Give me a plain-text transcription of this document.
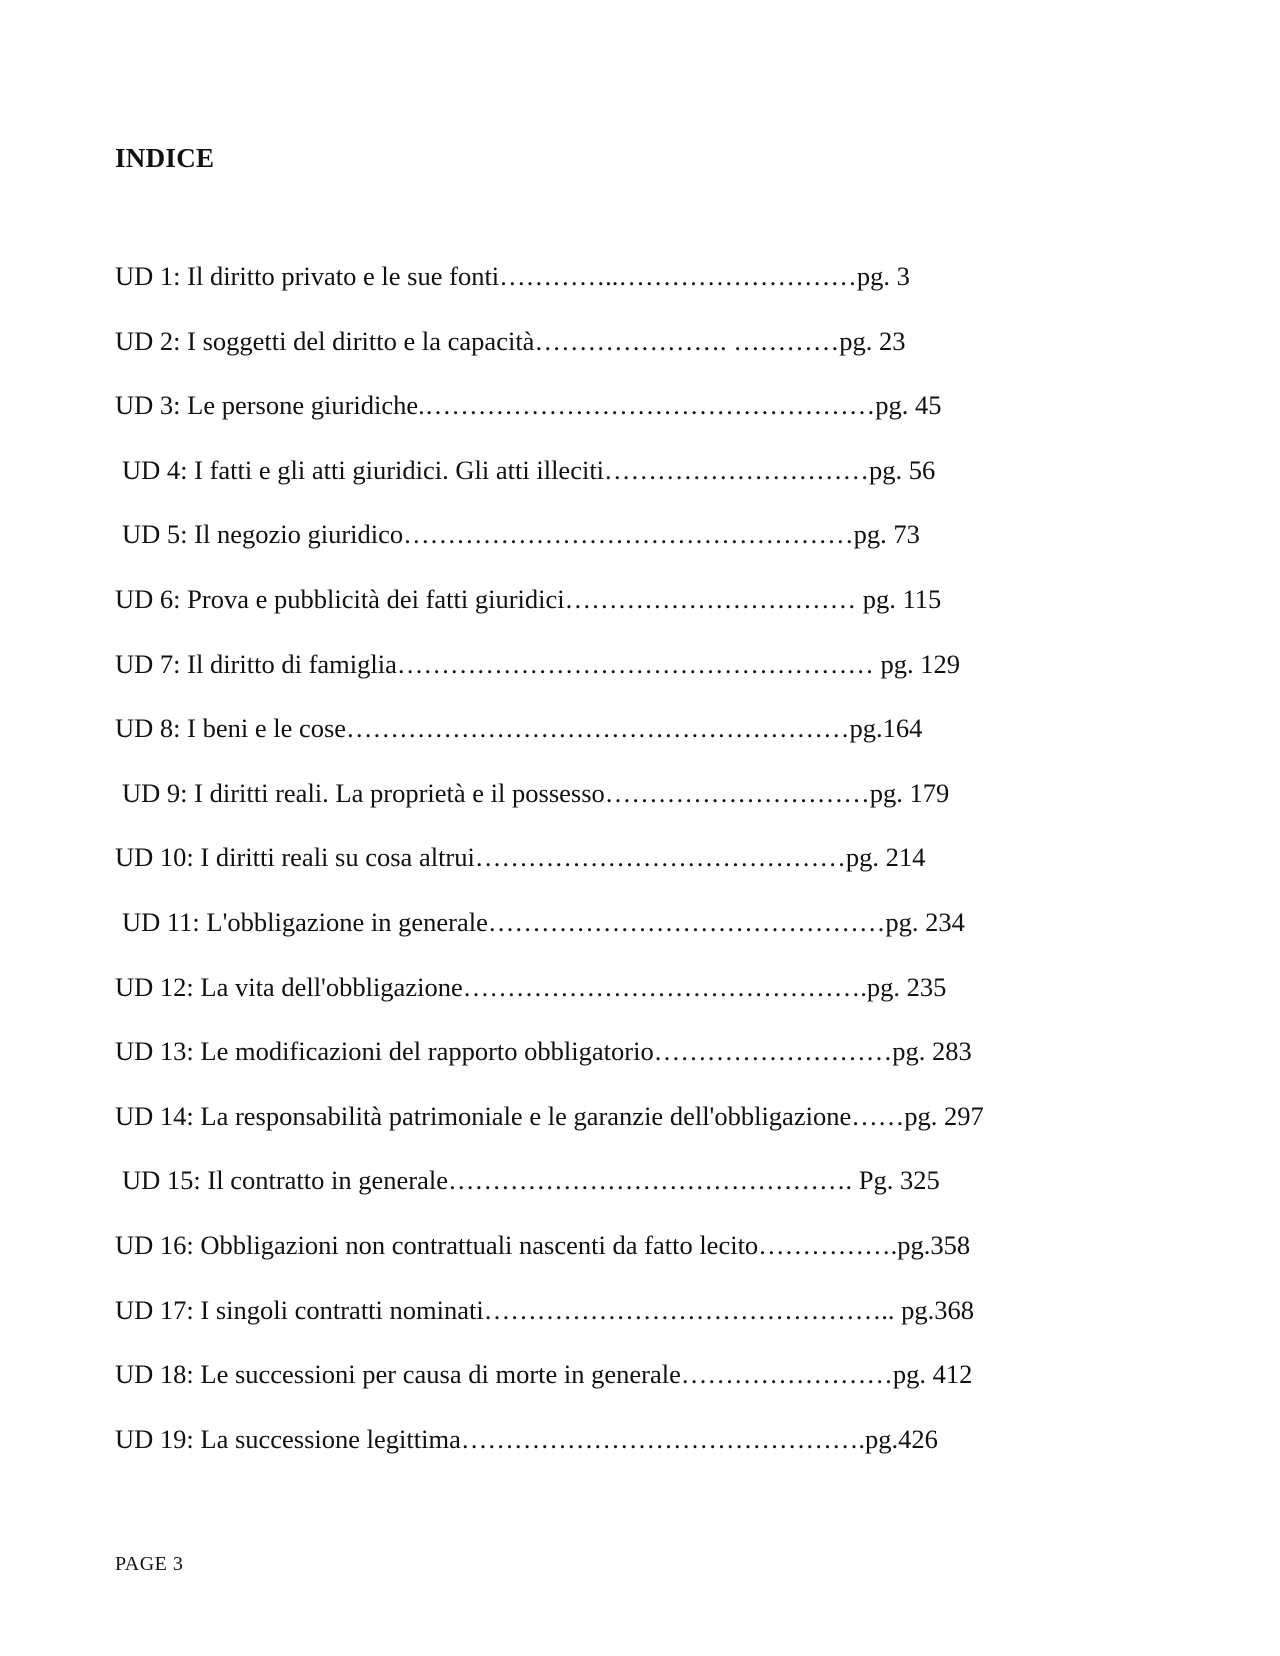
INDICE
UD 1: Il diritto privato e le sue fonti…………..………………………pg. 3
UD 2: I soggetti del diritto e la capacità…………………. …………pg. 23
UD 3: Le persone giuridiche.……………………………………………pg. 45
UD 4: I fatti e gli atti giuridici. Gli atti illeciti…………………………pg. 56
UD 5: Il negozio giuridico……………………………………………pg. 73
UD 6: Prova e pubblicità dei fatti giuridici…………………………… pg. 115
UD 7: Il diritto di famiglia……………………………………………… pg. 129
UD 8: I beni e le cose…………………………………………………pg.164
UD 9: I diritti reali. La proprietà e il possesso…………………………pg. 179
UD 10: I diritti reali su cosa altrui……………………………………pg. 214
UD 11: L'obbligazione in generale………………………………………pg. 234
UD 12: La vita dell'obbligazione……………………………………….pg. 235
UD 13: Le modificazioni del rapporto obbligatorio………………………pg. 283
UD 14: La responsabilità patrimoniale e le garanzie dell'obbligazione……pg. 297
UD 15: Il contratto in generale………………………………………. Pg. 325
UD 16: Obbligazioni non contrattuali nascenti da fatto lecito…………….pg.358
UD 17: I singoli contratti nominati……………………………………….. pg.368
UD 18: Le successioni per causa di morte in generale……………………pg. 412
UD 19: La successione legittima……………………………………….pg.426
PAGE 3
